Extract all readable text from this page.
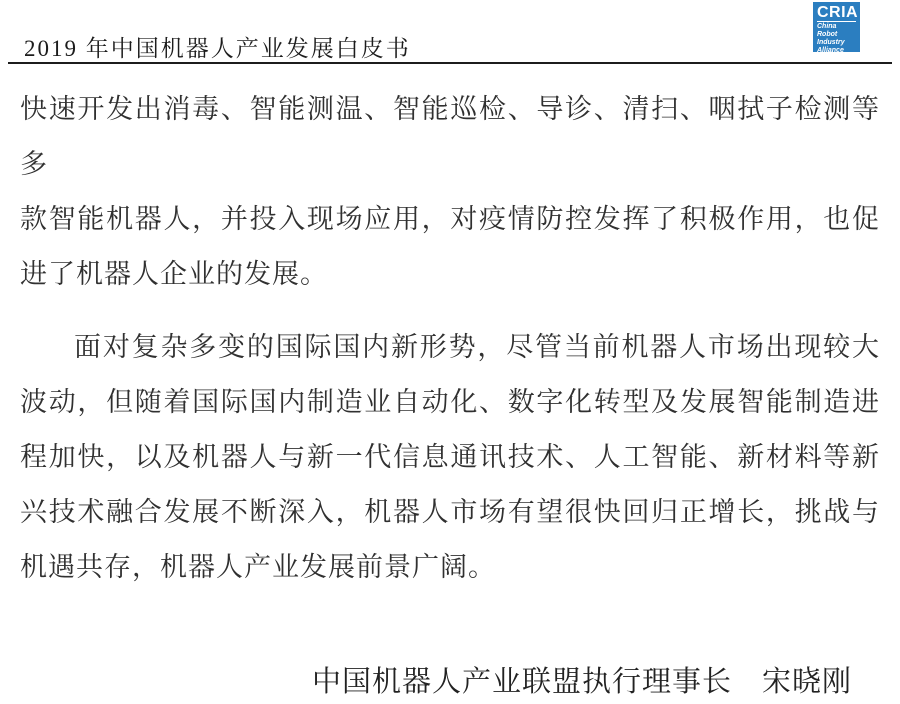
2019 年中国机器人产业发展白皮书
CRIA
China
Robot
Industry
Alliance
快速开发出消毒、智能测温、智能巡检、导诊、清扫、咽拭子检测等多
款智能机器人，并投入现场应用，对疫情防控发挥了积极作用，也促
进了机器人企业的发展。
面对复杂多变的国际国内新形势，尽管当前机器人市场出现较大
波动，但随着国际国内制造业自动化、数字化转型及发展智能制造进
程加快，以及机器人与新一代信息通讯技术、人工智能、新材料等新
兴技术融合发展不断深入，机器人市场有望很快回归正增长，挑战与
机遇共存，机器人产业发展前景广阔。
中国机器人产业联盟执行理事长　宋晓刚
